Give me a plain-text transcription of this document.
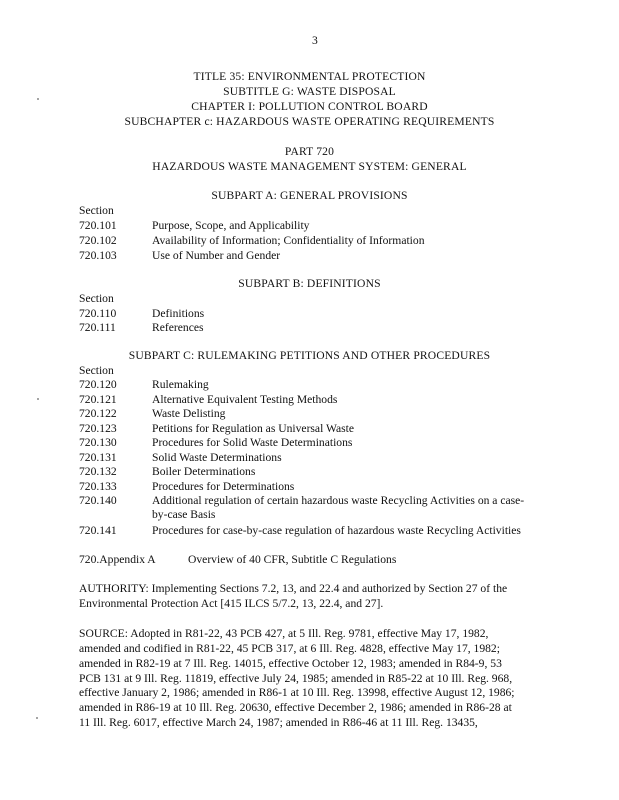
3
TITLE 35: ENVIRONMENTAL PROTECTION
SUBTITLE G: WASTE DISPOSAL
CHAPTER I: POLLUTION CONTROL BOARD
SUBCHAPTER c: HAZARDOUS WASTE OPERATING REQUIREMENTS
PART 720
HAZARDOUS WASTE MANAGEMENT SYSTEM: GENERAL
SUBPART A: GENERAL PROVISIONS
Section
720.101	Purpose, Scope, and Applicability
720.102	Availability of Information; Confidentiality of Information
720.103	Use of Number and Gender
SUBPART B: DEFINITIONS
Section
720.110	Definitions
720.111	References
SUBPART C: RULEMAKING PETITIONS AND OTHER PROCEDURES
Section
720.120	Rulemaking
720.121	Alternative Equivalent Testing Methods
720.122	Waste Delisting
720.123	Petitions for Regulation as Universal Waste
720.130	Procedures for Solid Waste Determinations
720.131	Solid Waste Determinations
720.132	Boiler Determinations
720.133	Procedures for Determinations
720.140	Additional regulation of certain hazardous waste Recycling Activities on a case-
by-case Basis
720.141	Procedures for case-by-case regulation of hazardous waste Recycling Activities
720.Appendix A	Overview of 40 CFR, Subtitle C Regulations
AUTHORITY: Implementing Sections 7.2, 13, and 22.4 and authorized by Section 27 of the
Environmental Protection Act [415 ILCS 5/7.2, 13, 22.4, and 27].
SOURCE: Adopted in R81-22, 43 PCB 427, at 5 Ill. Reg. 9781, effective May 17, 1982,
amended and codified in R81-22, 45 PCB 317, at 6 Ill. Reg. 4828, effective May 17, 1982;
amended in R82-19 at 7 Ill. Reg. 14015, effective October 12, 1983; amended in R84-9, 53
PCB 131 at 9 Ill. Reg. 11819, effective July 24, 1985; amended in R85-22 at 10 Ill. Reg. 968,
effective January 2, 1986; amended in R86-1 at 10 Ill. Reg. 13998, effective August 12, 1986;
amended in R86-19 at 10 Ill. Reg. 20630, effective December 2, 1986; amended in R86-28 at
11 Ill. Reg. 6017, effective March 24, 1987; amended in R86-46 at 11 Ill. Reg. 13435,
